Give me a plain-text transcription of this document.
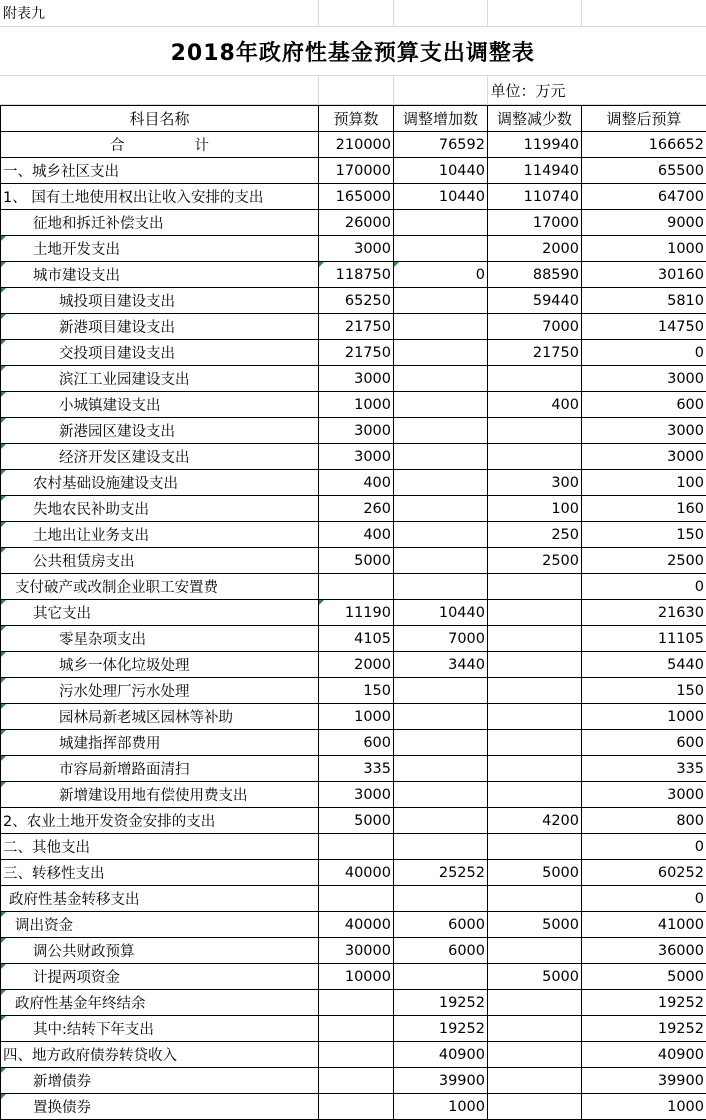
附表九				
2018年政府性基金预算支出调整表				
			单位：万元	
科目名称	预算数	调整增加数	调整减少数	调整后预算
合 计	210000	76592	119940	166652
一、城乡社区支出	170000	10440	114940	65500
1、 国有土地使用权出让收入安排的支出	165000	10440	110740	64700
征地和拆迁补偿支出	26000		17000	9000
土地开发支出	3000		2000	1000
城市建设支出	118750	0	88590	30160
城投项目建设支出	65250		59440	5810
新港项目建设支出	21750		7000	14750
交投项目建设支出	21750		21750	0
滨江工业园建设支出	3000			3000
小城镇建设支出	1000		400	600
新港园区建设支出	3000			3000
经济开发区建设支出	3000			3000
农村基础设施建设支出	400		300	100
失地农民补助支出	260		100	160
土地出让业务支出	400		250	150
公共租赁房支出	5000		2500	2500
支付破产或改制企业职工安置费				0
其它支出	11190	10440		21630
零星杂项支出	4105	7000		11105
城乡一体化垃圾处理	2000	3440		5440
污水处理厂污水处理	150			150
园林局新老城区园林等补助	1000			1000
城建指挥部费用	600			600
市容局新增路面清扫	335			335
新增建设用地有偿使用费支出	3000			3000
2、农业土地开发资金安排的支出	5000		4200	800
二、其他支出				0
三、转移性支出	40000	25252	5000	60252
政府性基金转移支出				0
调出资金	40000	6000	5000	41000
调公共财政预算	30000	6000		36000
计提两项资金	10000		5000	5000
政府性基金年终结余		19252		19252
其中:结转下年支出		19252		19252
四、地方政府债券转贷收入		40900		40900
新增债券		39900		39900
置换债券		1000		1000
